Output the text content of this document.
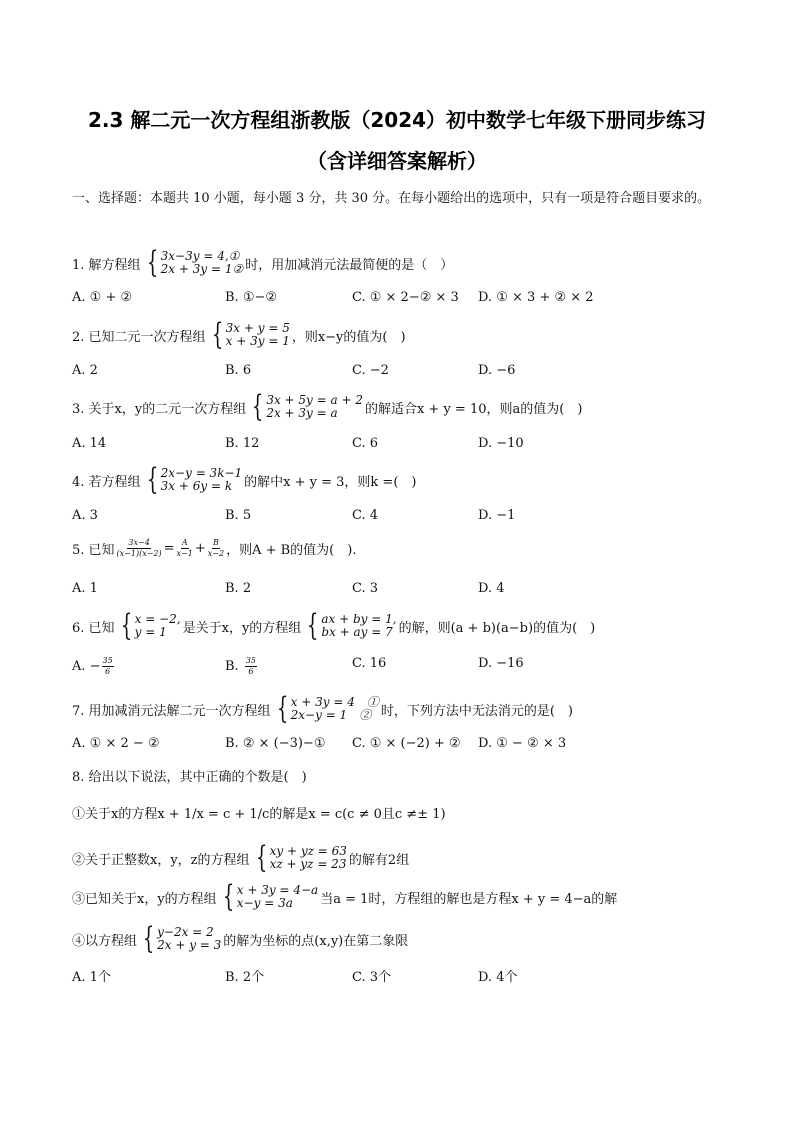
2.3 解二元一次方程组浙教版（2024）初中数学七年级下册同步练习
（含详细答案解析）
一、选择题：本题共 10 小题，每小题 3 分，共 30 分。在每小题给出的选项中，只有一项是符合题目要求的。
1. 解方程组 { 3x−3y = 4,①
2x + 3y = 1② 时，用加减消元法最简便的是（　）
A. ① + ②	B. ①−②	C. ① × 2−② × 3 D. ① × 3 + ② × 2
2. 已知二元一次方程组 { 3x + y = 5
x + 3y = 1 ，则x−y的值为(　)
A. 2	B. 6	C. −2	D. −6
3. 关于x，y的二元一次方程组 { 3x + 5y = a + 2
2x + 3y = a	的解适合x + y = 10，则a的值为(　)
A. 14	B. 12	C. 6	D. −10
4. 若方程组 { 2x−y = 3k−1
3x + 6y = k 的解中x + y = 3，则k =(　)
A. 3	B. 5	C. 4	D. −1
5. 已知 $\frac{3x-4}{(x-1)(x-2)} = \frac{A}{x-1} + \frac{B}{x-2}$ ，则A + B的值为(　).
A. 1	B. 2	C. 3	D. 4
6. 已知 { x = −2,
y = 1	是关于x，y的方程组 { ax + by = 1,
bx + ay = 7 的解，则(a + b)(a−b)的值为(　)
A. − $\frac{35}{6}$	B. $\frac{35}{6}$	C. 16	D. −16
7. 用加减消元法解二元一次方程组 { x + 3y = 4　①
2x−y = 1　② 时，下列方法中无法消元的是(　)
A. ① × 2 − ②	B. ② × (−3)−① C. ① × (−2) + ② D. ① − ② × 3
8. 给出以下说法，其中正确的个数是(　)
①关于x的方程x + 1/x = c + 1/c的解是x = c(c ≠ 0且c ≠± 1)
②关于正整数x，y，z的方程组 { xy + yz = 63
xz + yz = 23 的解有2组
③已知关于x，y的方程组 { x + 3y = 4−a
x−y = 3a	当a = 1时，方程组的解也是方程x + y = 4−a的解
④以方程组 { y−2x = 2
2x + y = 3 的解为坐标的点(x,y)在第二象限
A. 1个	B. 2个	C. 3个	D. 4个
